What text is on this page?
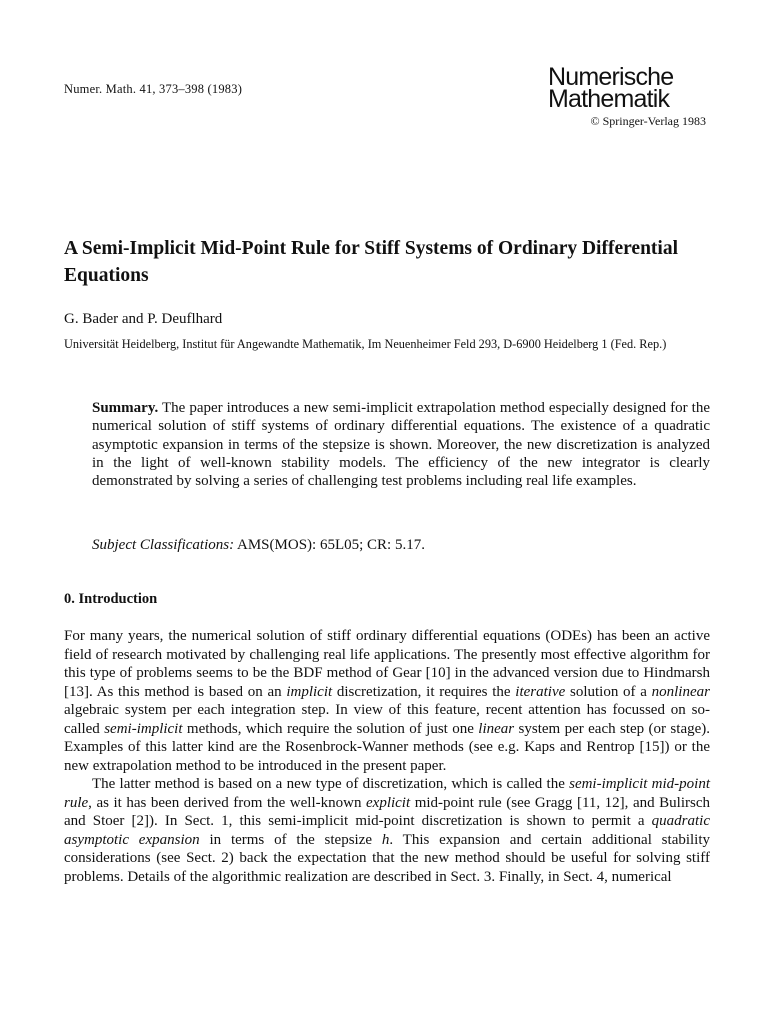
Numer. Math. 41, 373–398 (1983)	Numerische
Mathematik
© Springer-Verlag 1983
A Semi-Implicit Mid-Point Rule for Stiff Systems of Ordinary Differential Equations
G. Bader and P. Deuflhard
Universität Heidelberg, Institut für Angewandte Mathematik, Im Neuenheimer Feld 293, D-6900 Heidelberg 1 (Fed. Rep.)

Summary. The paper introduces a new semi-implicit extrapolation method especially designed for the numerical solution of stiff systems of ordinary differential equations. The existence of a quadratic asymptotic expansion in terms of the stepsize is shown. Moreover, the new discretization is analyzed in the light of well-known stability models. The efficiency of the new integrator is clearly demonstrated by solving a series of challenging test problems including real life examples.

Subject Classifications: AMS(MOS): 65L05; CR: 5.17.
0. Introduction

For many years, the numerical solution of stiff ordinary differential equations (ODEs) has been an active field of research motivated by challenging real life applications. The presently most effective algorithm for this type of problems seems to be the BDF method of Gear [10] in the advanced version due to Hindmarsh [13]. As this method is based on an implicit discretization, it requires the iterative solution of a nonlinear algebraic system per each integration step. In view of this feature, recent attention has focussed on so-called semi-implicit methods, which require the solution of just one linear system per each step (or stage). Examples of this latter kind are the Rosenbrock-Wanner methods (see e.g. Kaps and Rentrop [15]) or the new extrapolation method to be introduced in the present paper.

The latter method is based on a new type of discretization, which is called the semi-implicit mid-point rule, as it has been derived from the well-known explicit mid-point rule (see Gragg [11, 12], and Bulirsch and Stoer [2]). In Sect. 1, this semi-implicit mid-point discretization is shown to permit a quadratic asymptotic expansion in terms of the stepsize h. This expansion and certain additional stability considerations (see Sect. 2) back the expectation that the new method should be useful for solving stiff problems. Details of the algorithmic realization are described in Sect. 3. Finally, in Sect. 4, numerical
